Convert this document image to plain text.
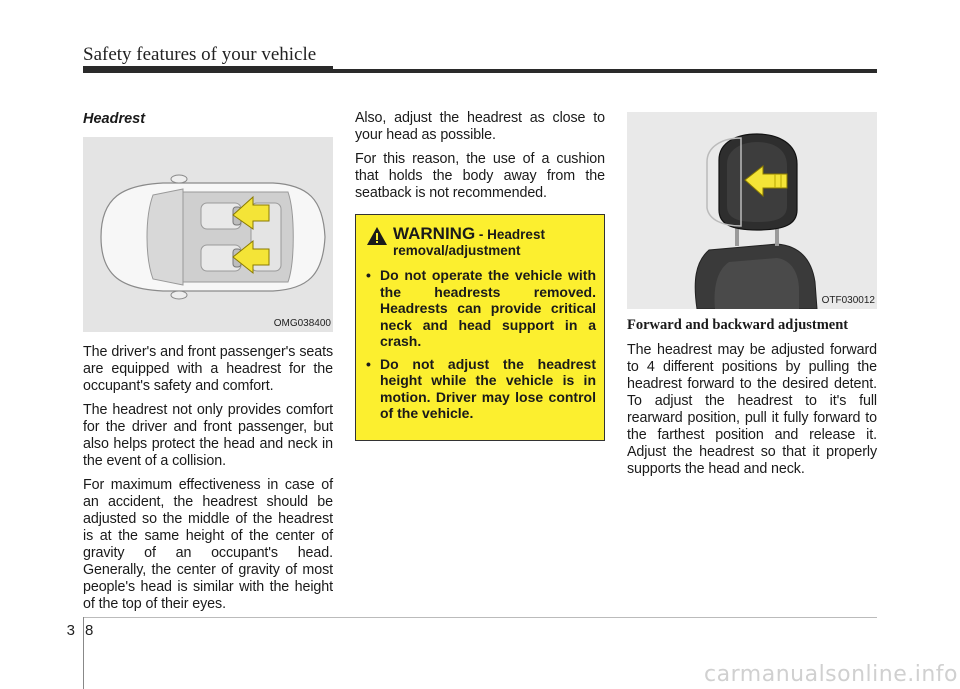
Safety features of your vehicle
Headrest
OMG038400

The driver's and front passenger's seats are equipped with a headrest for the occupant's safety and comfort.

The headrest not only provides comfort for the driver and front passenger, but also helps protect the head and neck in the event of a collision.

For maximum effectiveness in case of an accident, the headrest should be adjusted so the middle of the headrest is at the same height of the center of gravity of an occupant's head. Generally, the center of gravity of most people's head is similar with the height of the top of their eyes.

Also, adjust the headrest as close to your head as possible.

For this reason, the use of a cushion that holds the body away from the seatback is not recommended.

WARNING - Headrest
removal/adjustment
• Do not operate the vehicle with the headrests removed. Headrests can provide critical neck and head support in a crash.
• Do not adjust the headrest height while the vehicle is in motion. Driver may lose control of the vehicle.
OTF030012
Forward and backward adjustment

The headrest may be adjusted forward to 4 different positions by pulling the headrest forward to the desired detent. To adjust the headrest to it's full rearward position, pull it fully forward to the farthest position and release it. Adjust the headrest so that it properly supports the head and neck.

38
carmanualsonline.info
